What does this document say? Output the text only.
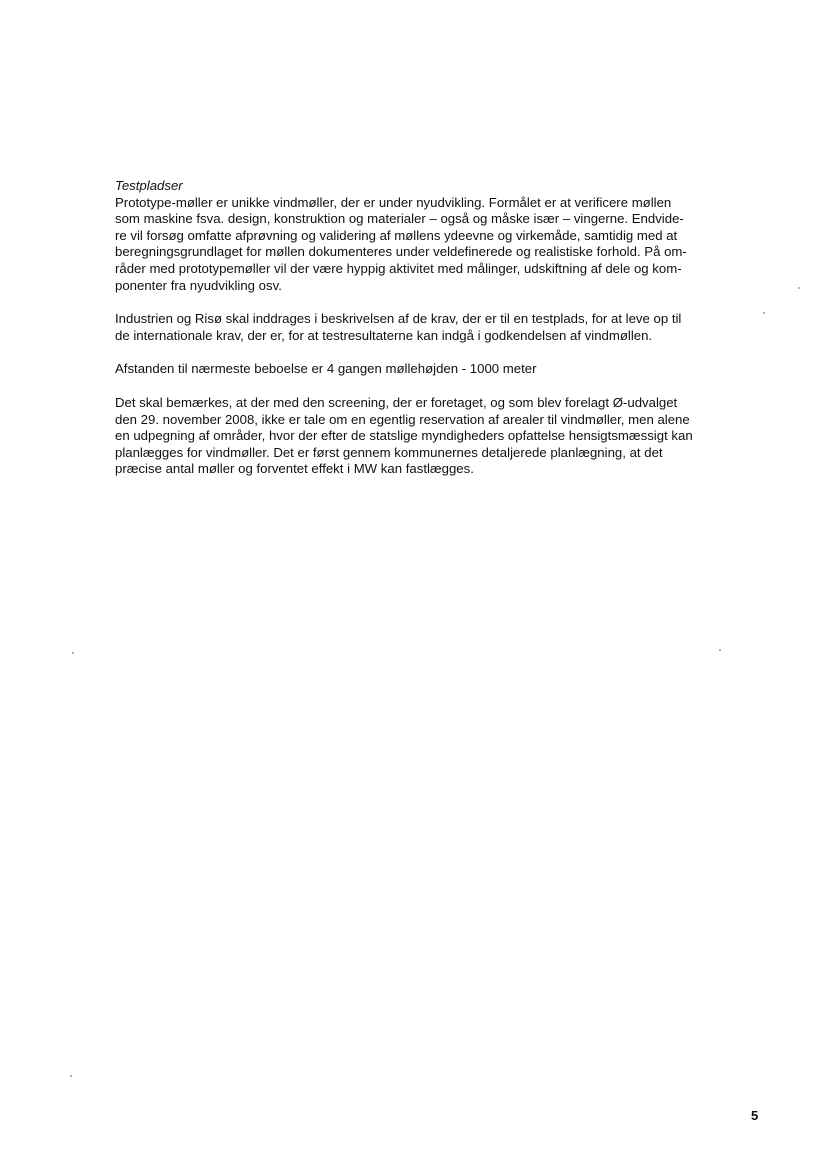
Testpladser

Prototype-møller er unikke vindmøller, der er under nyudvikling. Formålet er at verificere møllen
som maskine fsva. design, konstruktion og materialer – også og måske især – vingerne. Endvide-
re vil forsøg omfatte afprøvning og validering af møllens ydeevne og virkemåde, samtidig med at
beregningsgrundlaget for møllen dokumenteres under veldefinerede og realistiske forhold. På om-
råder med prototypemøller vil der være hyppig aktivitet med målinger, udskiftning af dele og kom-
ponenter fra nyudvikling osv.
Industrien og Risø skal inddrages i beskrivelsen af de krav, der er til en testplads, for at leve op til
de internationale krav, der er, for at testresultaterne kan indgå i godkendelsen af vindmøllen.
Afstanden til nærmeste beboelse er 4 gangen møllehøjden - 1000 meter
Det skal bemærkes, at der med den screening, der er foretaget, og som blev forelagt Ø-udvalget
den 29. november 2008, ikke er tale om en egentlig reservation af arealer til vindmøller, men alene
en udpegning af områder, hvor der efter de statslige myndigheders opfattelse hensigtsmæssigt kan
planlægges for vindmøller. Det er først gennem kommunernes detaljerede planlægning, at det
præcise antal møller og forventet effekt i MW kan fastlægges.
5
